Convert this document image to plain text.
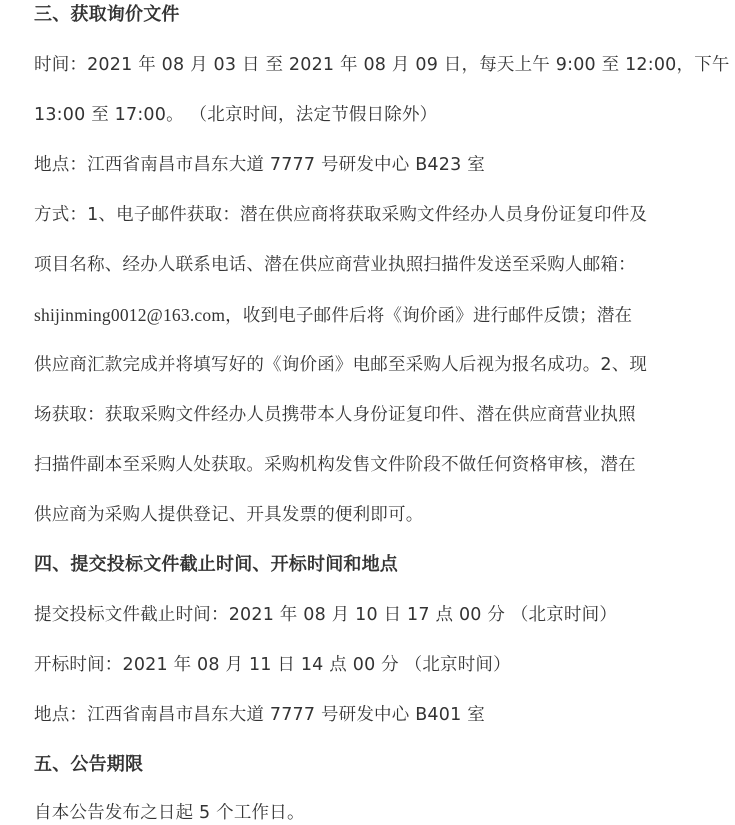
三、获取询价文件
时间：2021 年 08 月 03 日 至 2021 年 08 月 09 日，每天上午 9:00 至 12:00，下午
13:00 至 17:00。 （北京时间，法定节假日除外）
地点：江西省南昌市昌东大道 7777 号研发中心 B423 室
方式：1、电子邮件获取：潜在供应商将获取采购文件经办人员身份证复印件及
项目名称、经办人联系电话、潜在供应商营业执照扫描件发送至采购人邮箱：
shijinming0012@163.com，收到电子邮件后将《询价函》进行邮件反馈；潜在
供应商汇款完成并将填写好的《询价函》电邮至采购人后视为报名成功。2、现
场获取：获取采购文件经办人员携带本人身份证复印件、潜在供应商营业执照
扫描件副本至采购人处获取。采购机构发售文件阶段不做任何资格审核，潜在
供应商为采购人提供登记、开具发票的便利即可。
四、提交投标文件截止时间、开标时间和地点
提交投标文件截止时间：2021 年 08 月 10 日 17 点 00 分 （北京时间）
开标时间：2021 年 08 月 11 日 14 点 00 分 （北京时间）
地点：江西省南昌市昌东大道 7777 号研发中心 B401 室
五、公告期限
自本公告发布之日起 5 个工作日。
